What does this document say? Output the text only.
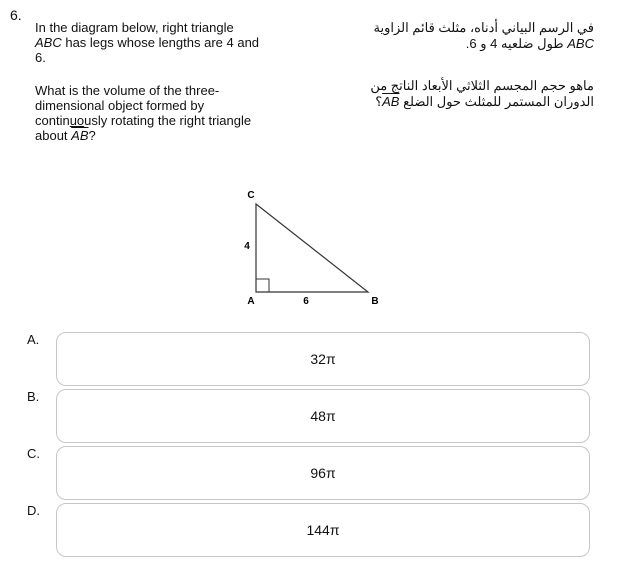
6.
In the diagram below, right triangle
ABC has legs whose lengths are 4 and
6.
What is the volume of the three-
dimensional object formed by
continuously rotating the right triangle
about $\overline{AB}$?
في الرسم البياني أدناه، مثلث قائم الزاوية
ABC طول ضلعيه 4 و 6.
ماهو حجم المجسم الثلاثي الأبعاد الناتج من
الدوران المستمر للمثلث حول الضلع $\overline{AB}؟$
C
4
A	6	B
A.
32π
B.
48π
C.
96π
D.
144π
